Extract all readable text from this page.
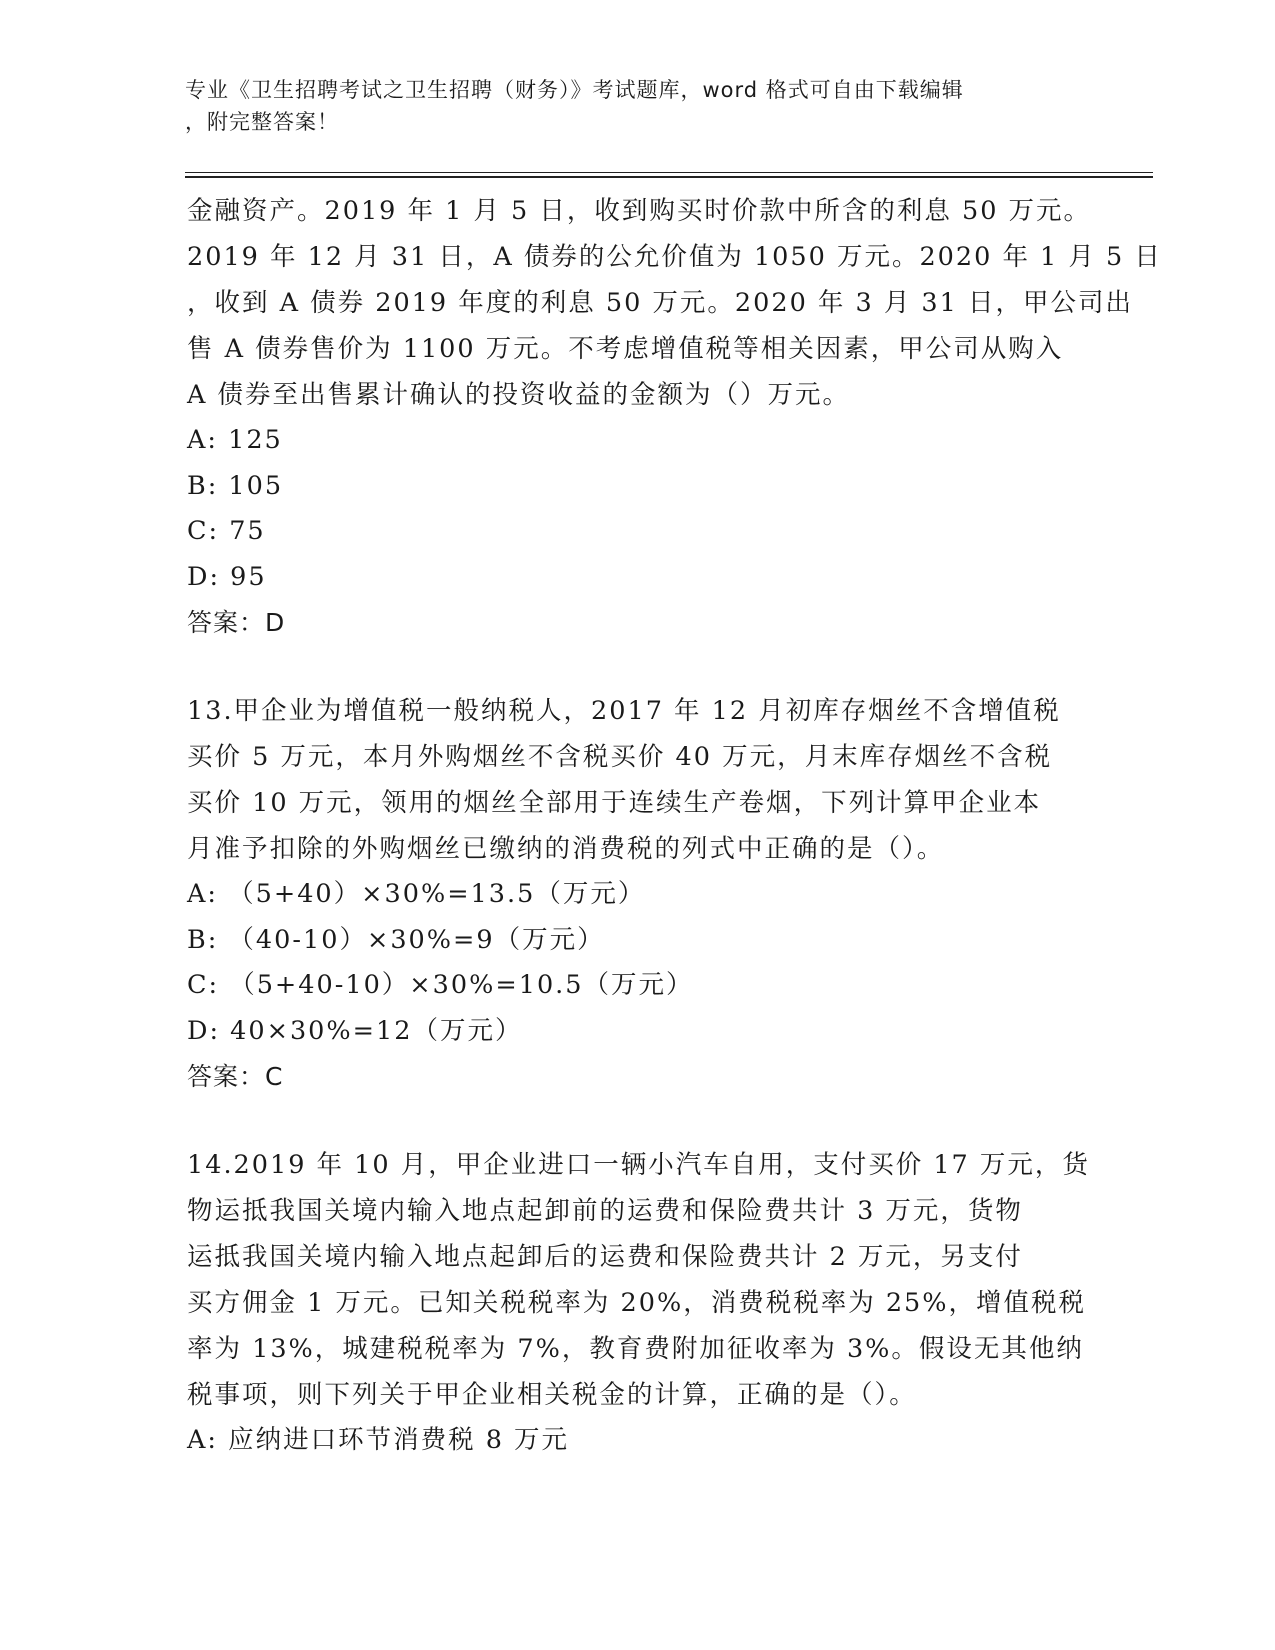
专业《卫生招聘考试之卫生招聘（财务）》考试题库，word 格式可自由下载编辑
，附完整答案！
金融资产。2019 年 1 月 5 日，收到购买时价款中所含的利息 50 万元。
2019 年 12 月 31 日，A 债券的公允价值为 1050 万元。2020 年 1 月 5 日
，收到 A 债券 2019 年度的利息 50 万元。2020 年 3 月 31 日，甲公司出
售 A 债券售价为 1100 万元。不考虑增值税等相关因素，甲公司从购入
A 债券至出售累计确认的投资收益的金额为（）万元。
A: 125
B: 105
C: 75
D: 95
答案：D
13.甲企业为增值税一般纳税人，2017 年 12 月初库存烟丝不含增值税
买价 5 万元，本月外购烟丝不含税买价 40 万元，月末库存烟丝不含税
买价 10 万元，领用的烟丝全部用于连续生产卷烟，下列计算甲企业本
月准予扣除的外购烟丝已缴纳的消费税的列式中正确的是（）。
A: （5+40）×30%=13.5（万元）
B: （40-10）×30%=9（万元）
C: （5+40-10）×30%=10.5（万元）
D: 40×30%=12（万元）
答案：C
14.2019 年 10 月，甲企业进口一辆小汽车自用，支付买价 17 万元，货
物运抵我国关境内输入地点起卸前的运费和保险费共计 3 万元，货物
运抵我国关境内输入地点起卸后的运费和保险费共计 2 万元，另支付
买方佣金 1 万元。已知关税税率为 20%，消费税税率为 25%，增值税税
率为 13%，城建税税率为 7%，教育费附加征收率为 3%。假设无其他纳
税事项，则下列关于甲企业相关税金的计算，正确的是（）。
A: 应纳进口环节消费税 8 万元
